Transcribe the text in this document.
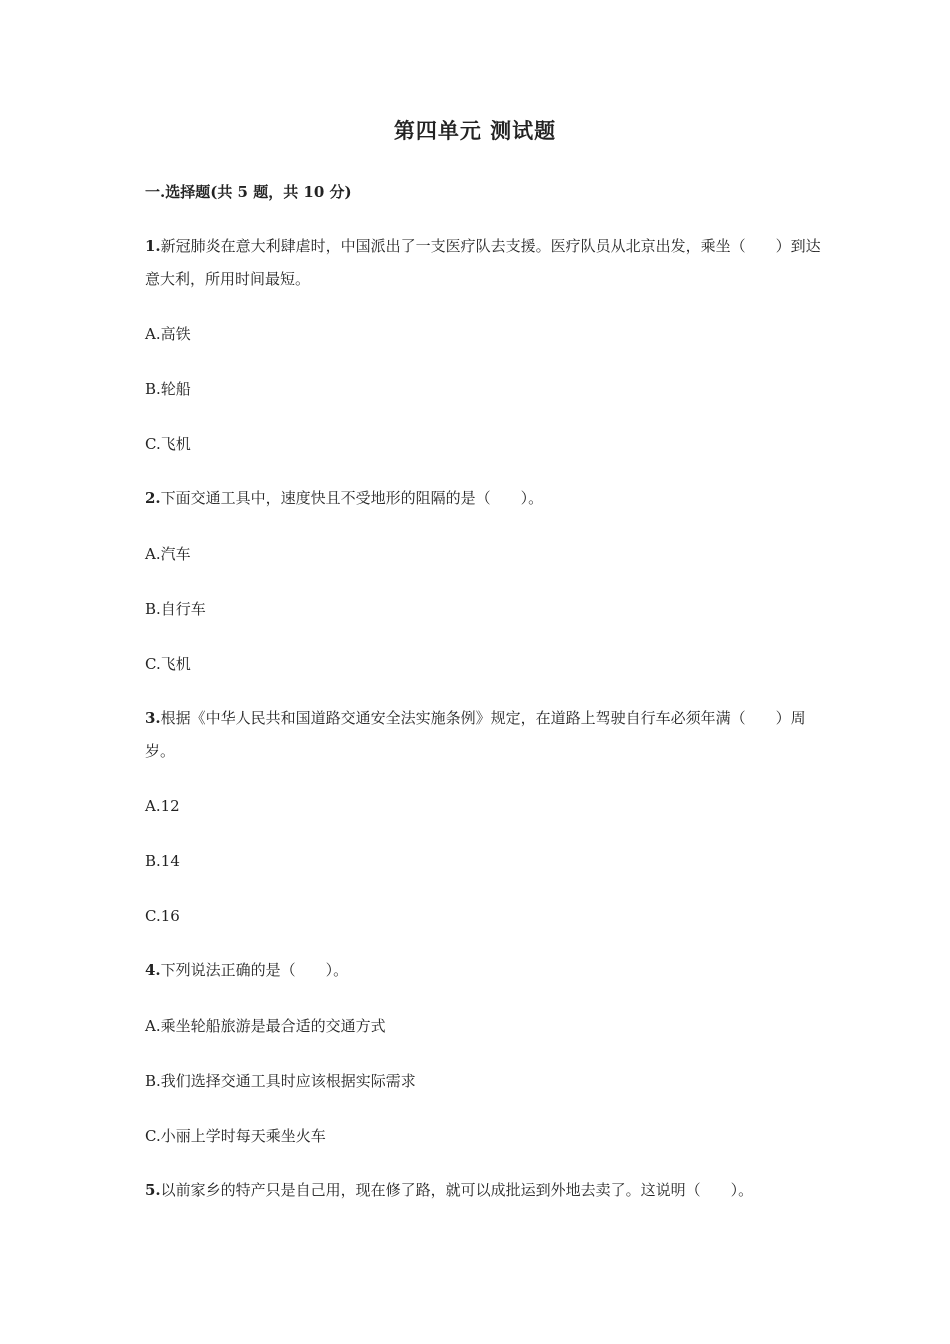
第四单元 测试题
一.选择题(共 5 题，共 10 分)
1.新冠肺炎在意大利肆虐时，中国派出了一支医疗队去支援。医疗队员从北京出发，乘坐（　　）到达意大利，所用时间最短。
A.高铁
B.轮船
C.飞机
2.下面交通工具中，速度快且不受地形的阻隔的是（　　）。
A.汽车
B.自行车
C.飞机
3.根据《中华人民共和国道路交通安全法实施条例》规定，在道路上驾驶自行车必须年满（　　）周岁。
A.12
B.14
C.16
4.下列说法正确的是（　　）。
A.乘坐轮船旅游是最合适的交通方式
B.我们选择交通工具时应该根据实际需求
C.小丽上学时每天乘坐火车
5.以前家乡的特产只是自己用，现在修了路，就可以成批运到外地去卖了。这说明（　　）。
